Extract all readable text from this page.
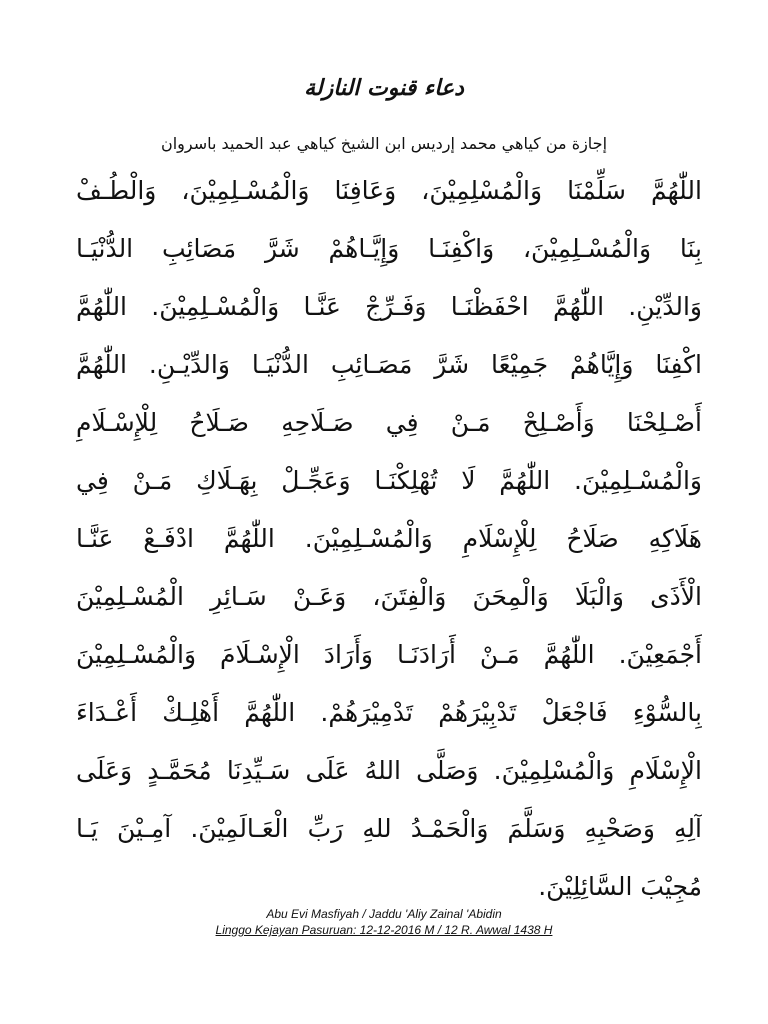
دعاء قنوت النازلة
إجازة من كياهي محمد إرديس ابن الشيخ كياهي عبد الحميد باسروان
اللّٰهُمَّ سَلِّمْنَا وَالْمُسْلِمِيْنَ، وَعَافِنَا وَالْمُسْـلِمِيْنَ، وَالْطُـفْ
بِنَا وَالْمُسْـلِمِيْنَ، وَاكْفِنَـا وَإِيَّـاهُمْ شَرَّ مَصَائِبِ الدُّنْيَـا
وَالدِّيْنِ. اللّٰهُمَّ احْفَظْنَـا وَفَـرِّجْ عَنَّـا وَالْمُسْـلِمِيْنَ. اللّٰهُمَّ
اكْفِنَا وَإِيَّاهُمْ جَمِيْعًا شَرَّ مَصَـائِبِ الدُّنْيَـا وَالدِّيْـنِ. اللّٰهُمَّ
أَصْـلِحْنَا وَأَصْـلِحْ مَـنْ فِي صَـلَاحِهِ صَـلَاحُ لِلْإِسْـلَامِ
وَالْمُسْـلِمِيْنَ. اللّٰهُمَّ لَا تُهْلِكْنَـا وَعَجِّـلْ بِهَـلَاكِ مَـنْ فِي
هَلَاكِهِ صَلَاحُ لِلْإِسْلَامِ وَالْمُسْـلِمِيْنَ. اللّٰهُمَّ ادْفَـعْ عَنَّـا
الْأَذَى وَالْبَلَا وَالْمِحَنَ وَالْفِتَنَ، وَعَـنْ سَـائِرِ الْمُسْـلِمِيْنَ
أَجْمَعِيْنَ. اللّٰهُمَّ مَـنْ أَرَادَنَـا وَأَرَادَ الْإِسْـلَامَ وَالْمُسْـلِمِيْنَ
بِالسُّوْءِ فَاجْعَلْ تَدْبِيْرَهُمْ تَدْمِيْرَهُمْ. اللّٰهُمَّ أَهْلِـكْ أَعْـدَاءَ
الْإِسْلَامِ وَالْمُسْلِمِيْنَ. وَصَلَّى اللهُ عَلَى سَـيِّدِنَا مُحَمَّـدٍ وَعَلَى
آلِهِ وَصَحْبِهِ وَسَلَّمَ وَالْحَمْـدُ للهِ رَبِّ الْعَـالَمِيْنَ. آمِـيْنَ يَـا
مُجِيْبَ السَّائِلِيْنَ.
Abu Evi Masfiyah / Jaddu 'Aliy Zainal 'Abidin
Linggo Kejayan Pasuruan: 12-12-2016 M / 12 R. Awwal 1438 H
